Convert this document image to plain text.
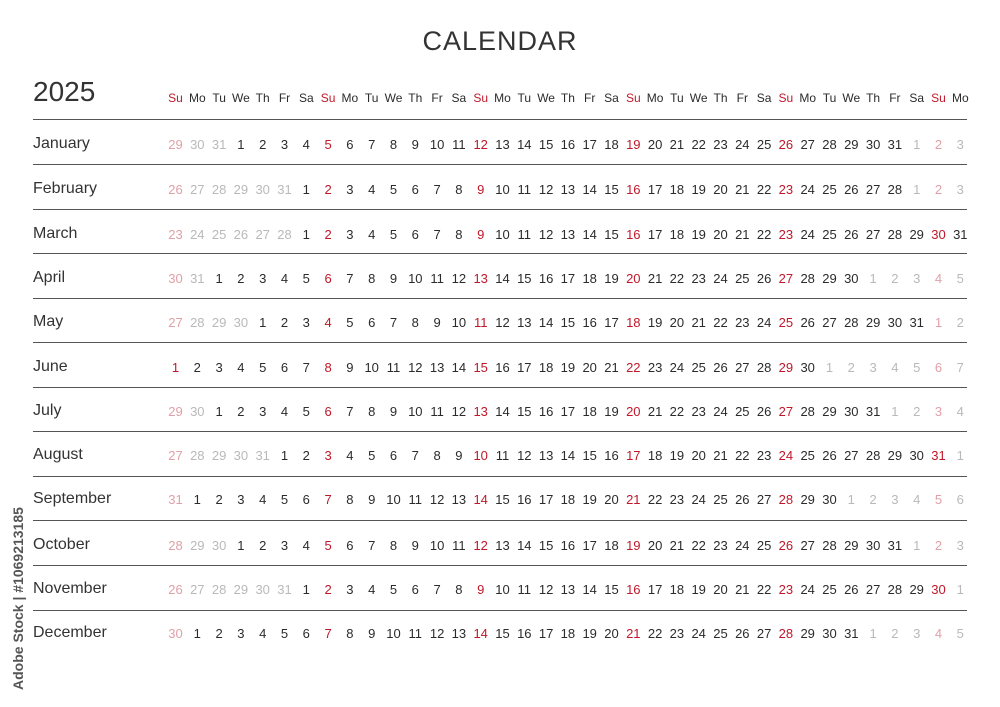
CALENDAR
2025	Su Mo Tu We Th Fr Sa Su Mo Tu We Th Fr Sa Su Mo Tu We Th Fr Sa Su Mo Tu We Th Fr Sa Su Mo Tu We Th Fr Sa Su Mo
January	29 30 31 1	2	3	4	5	6	7	8	9 10 11 12 13 14 15 16 17 18 19 20 21 22 23 24 25 26 27 28 29 30 31 1	2	3
February	26 27 28 29 30 31 1	2	3	4	5	6	7	8	9 10 11 12 13 14 15 16 17 18 19 20 21 22 23 24 25 26 27 28 1	2	3
March	23 24 25 26 27 28 1	2	3	4	5	6	7	8	9 10 11 12 13 14 15 16 17 18 19 20 21 22 23 24 25 26 27 28 29 30 31
April	30 31 1	2	3	4	5	6	7	8	9 10 11 12 13 14 15 16 17 18 19 20 21 22 23 24 25 26 27 28 29 30 1	2	3	4	5
May	27 28 29 30 1	2	3	4	5	6	7	8	9 10 11 12 13 14 15 16 17 18 19 20 21 22 23 24 25 26 27 28 29 30 31 1	2
June	1	2	3	4	5	6	7	8	9 10 11 12 13 14 15 16 17 18 19 20 21 22 23 24 25 26 27 28 29 30 1	2	3	4	5	6	7
July	29 30 1	2	3	4	5	6	7	8	9 10 11 12 13 14 15 16 17 18 19 20 21 22 23 24 25 26 27 28 29 30 31 1	2	3	4
August	27 28 29 30 31 1	2	3	4	5	6	7	8	9 10 11 12 13 14 15 16 17 18 19 20 21 22 23 24 25 26 27 28 29 30 31 1
September	31 1	2	3	4	5	6	7	8	9 10 11 12 13 14 15 16 17 18 19 20 21 22 23 24 25 26 27 28 29 30 1	2	3	4	5	6
October	28 29 30 1	2	3	4	5	6	7	8	9 10 11 12 13 14 15 16 17 18 19 20 21 22 23 24 25 26 27 28 29 30 31 1	2	3
November	26 27 28 29 30 31 1	2	3	4	5	6	7	8	9 10 11 12 13 14 15 16 17 18 19 20 21 22 23 24 25 26 27 28 29 30 1
December	30 1	2	3	4	5	6	7	8	9 10 11 12 13 14 15 16 17 18 19 20 21 22 23 24 25 26 27 28 29 30 31 1	2	3	4	5
Adobe Stock | #1069213185
